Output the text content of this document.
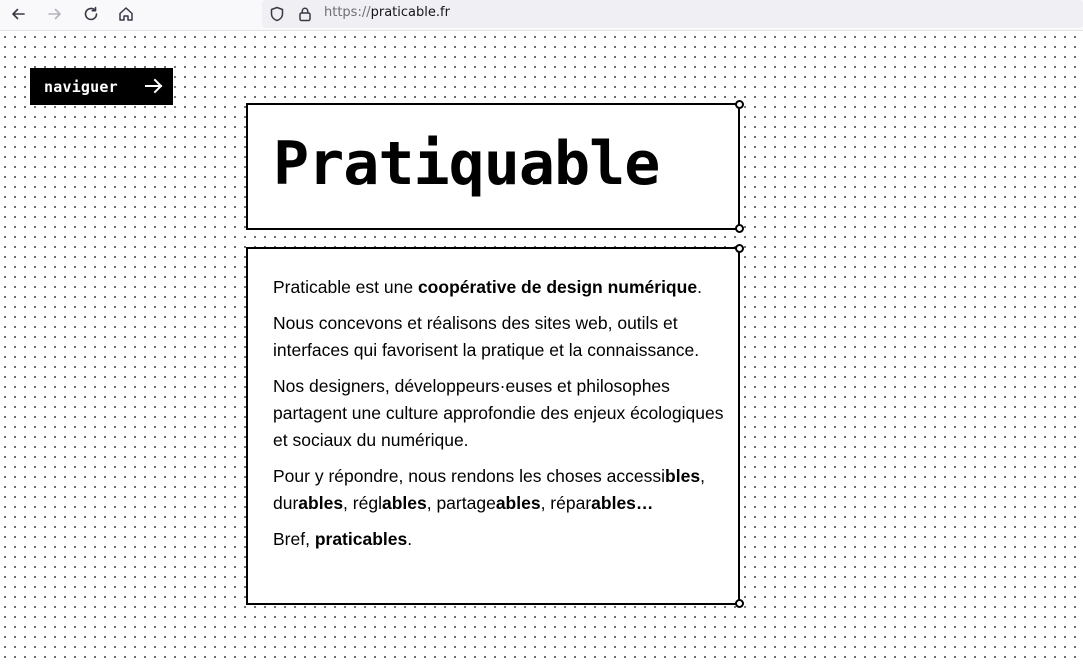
https://praticable.fr
naviguer
Pratiquable

Praticable est une coopérative de design numérique.

Nous concevons et réalisons des sites web, outils et interfaces qui favorisent la pratique et la connaissance.

Nos designers, développeurs·euses et philosophes partagent une culture approfondie des enjeux écologiques et sociaux du numérique.

Pour y répondre, nous rendons les choses accessibles, durables, réglables, partageables, réparables…

Bref, praticables.
